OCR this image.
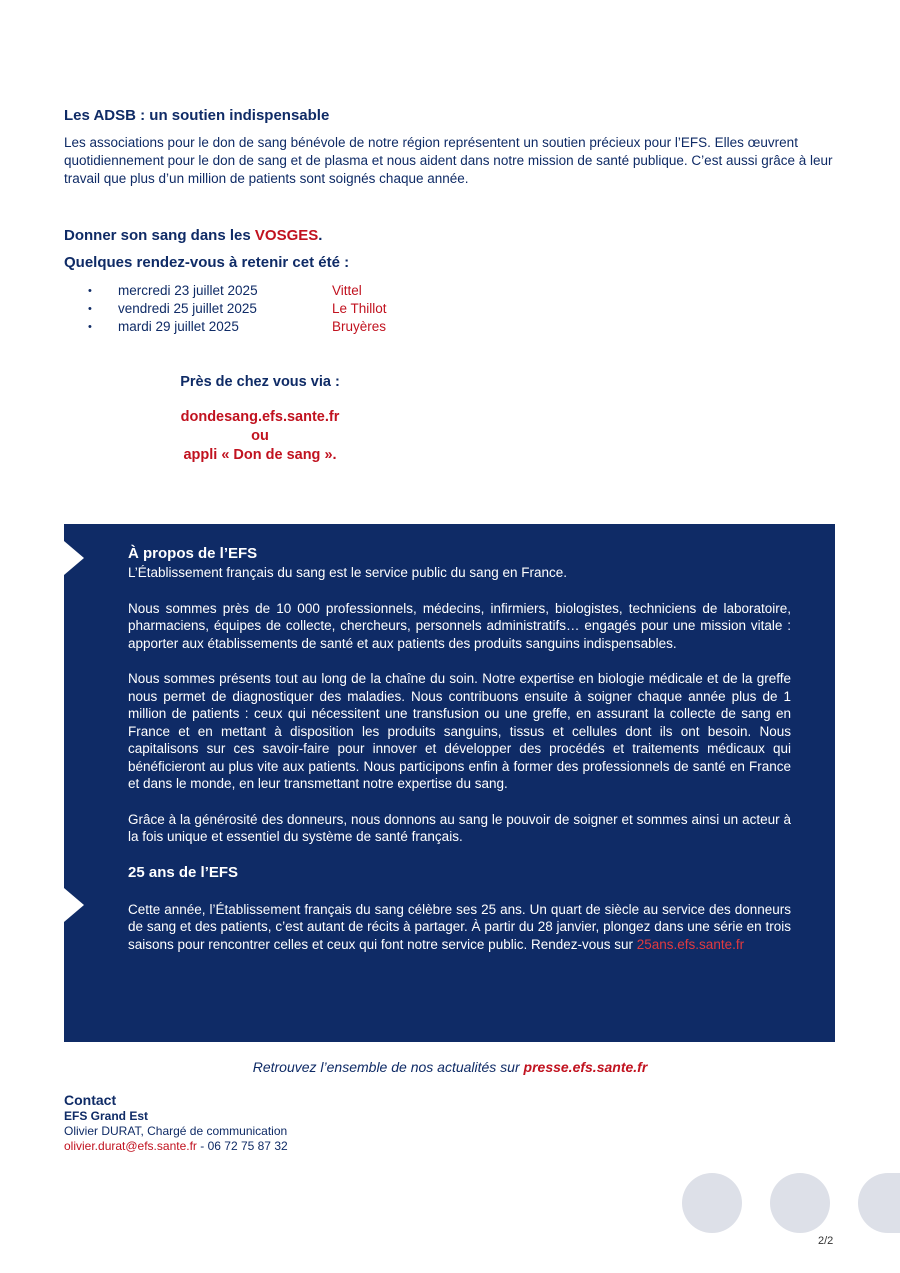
Les ADSB : un soutien indispensable

Les associations pour le don de sang bénévole de notre région représentent un soutien précieux pour l’EFS. Elles œuvrent quotidiennement pour le don de sang et de plasma et nous aident dans notre mission de santé publique. C’est aussi grâce à leur travail que plus d’un million de patients sont soignés chaque année.

Donner son sang dans les VOSGES.

Quelques rendez-vous à retenir cet été :

• mercredi 23 juillet 2025	Vittel
• vendredi 25 juillet 2025	Le Thillot
• mardi 29 juillet 2025	Bruyères

Près de chez vous via :

dondesang.efs.sante.fr

ou

appli « Don de sang ».

À propos de l’EFS

L’Établissement français du sang est le service public du sang en France.

Nous sommes près de 10 000 professionnels, médecins, infirmiers, biologistes, techniciens de laboratoire, pharmaciens, équipes de collecte, chercheurs, personnels administratifs… engagés pour une mission vitale : apporter aux établissements de santé et aux patients des produits sanguins indispensables.

Nous sommes présents tout au long de la chaîne du soin. Notre expertise en biologie médicale et de la greffe nous permet de diagnostiquer des maladies. Nous contribuons ensuite à soigner chaque année plus de 1 million de patients : ceux qui nécessitent une transfusion ou une greffe, en assurant la collecte de sang en France et en mettant à disposition les produits sanguins, tissus et cellules dont ils ont besoin. Nous capitalisons sur ces savoir-faire pour innover et développer des procédés et traitements médicaux qui bénéficieront au plus vite aux patients. Nous participons enfin à former des professionnels de santé en France et dans le monde, en leur transmettant notre expertise du sang.

Grâce à la générosité des donneurs, nous donnons au sang le pouvoir de soigner et sommes ainsi un acteur à la fois unique et essentiel du système de santé français.

25 ans de l’EFS

Cette année, l’Établissement français du sang célèbre ses 25 ans. Un quart de siècle au service des donneurs de sang et des patients, c’est autant de récits à partager. À partir du 28 janvier, plongez dans une série en trois saisons pour rencontrer celles et ceux qui font notre service public. Rendez-vous sur 25ans.efs.sante.fr

Retrouvez l’ensemble de nos actualités sur presse.efs.sante.fr

Contact

EFS Grand Est

Olivier DURAT, Chargé de communication

olivier.durat@efs.sante.fr - 06 72 75 87 32

2/2
